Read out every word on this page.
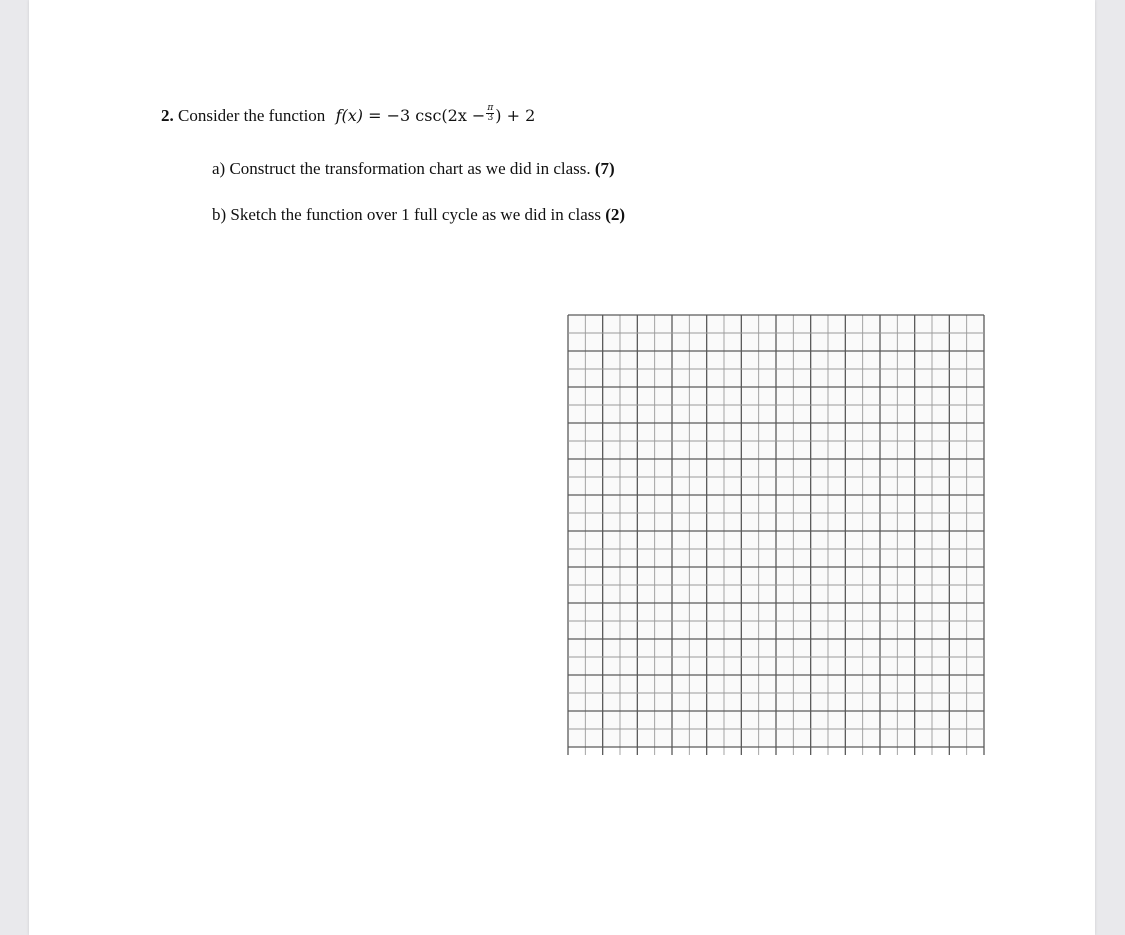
2. Consider the function f(x) = −3 $\csc(2x - \frac{\pi}{3}$ ) + 2
a) Construct the transformation chart as we did in class. (7)
b) Sketch the function over 1 full cycle as we did in class (2)
